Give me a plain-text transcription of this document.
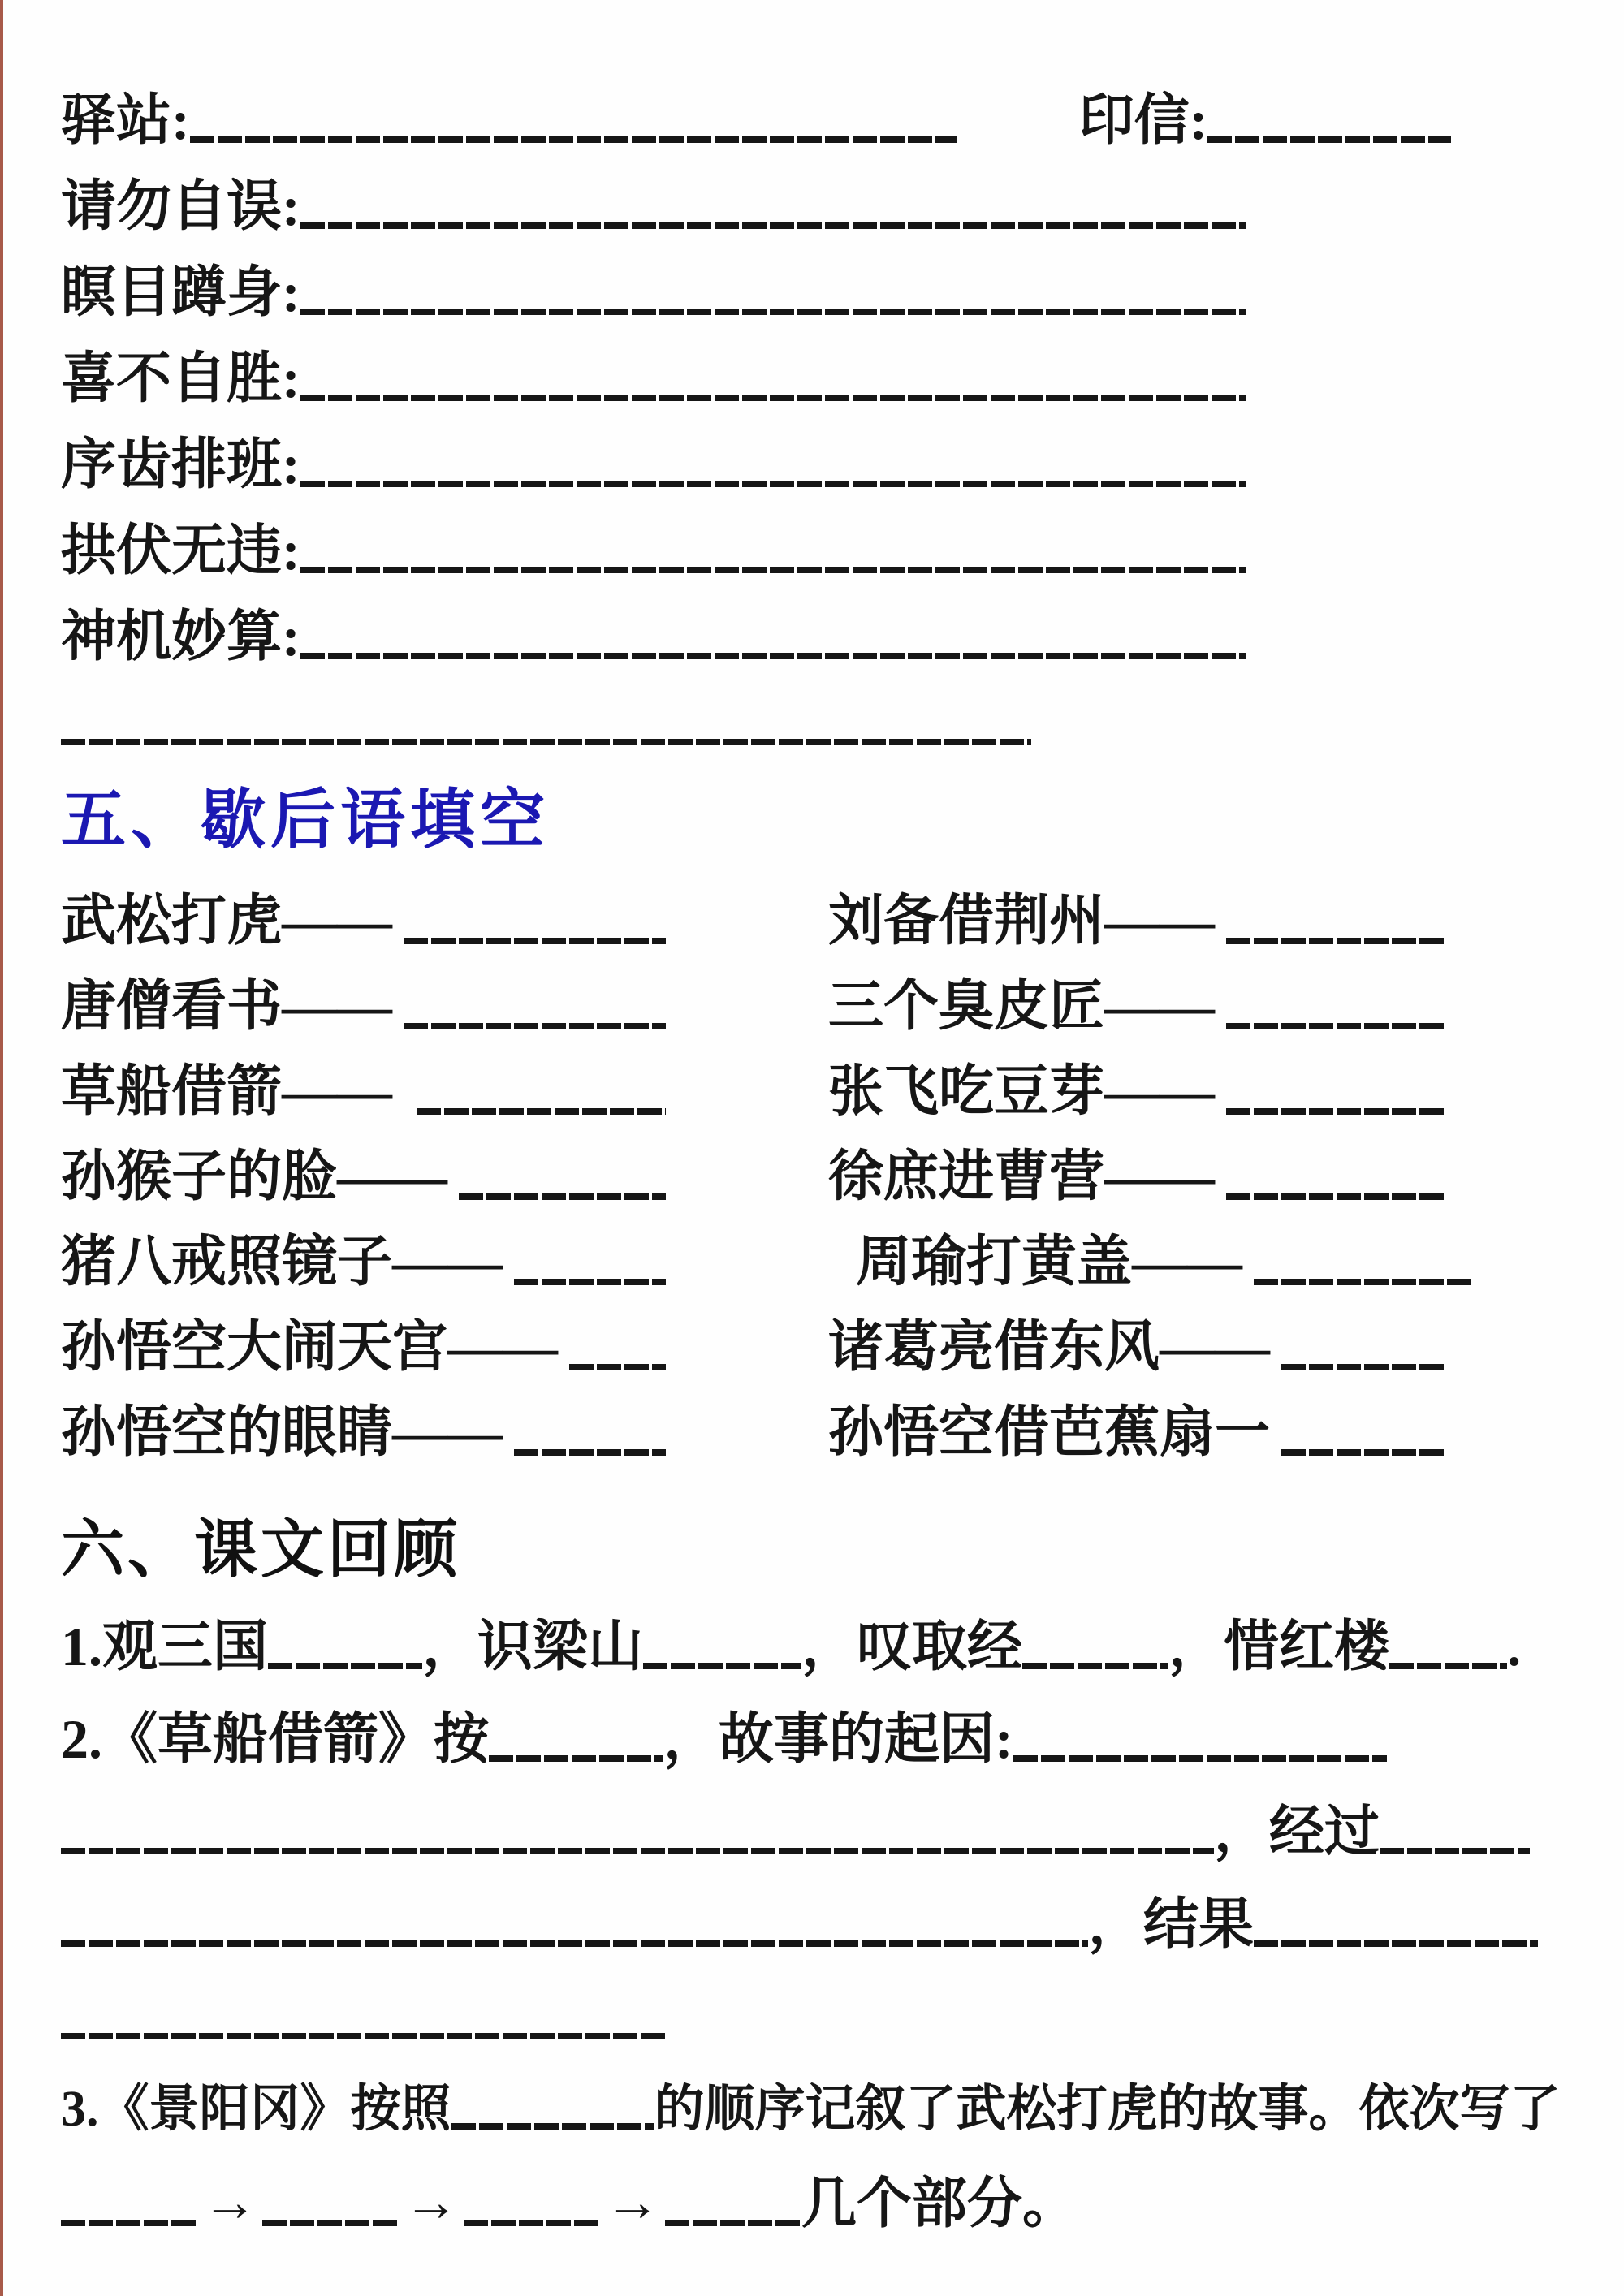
驿站:	印信:
请勿自误:
瞑目蹲身:
喜不自胜:
序齿排班:
拱伏无违:
神机妙算:
五、歇后语填空
武松打虎——	刘备借荆州——
唐僧看书——	三个臭皮匠——
草船借箭——	张飞吃豆芽——
孙猴子的脸——	徐庶进曹营——
猪八戒照镜子——	周瑜打黄盖——
孙悟空大闹天宫——	诸葛亮借东风——
孙悟空的眼睛——	孙悟空借芭蕉扇一
六、课文回顾
1.观三国	，识梁山	，叹取经	，惜红楼 .
2.《草船借箭》按	，故事的起因:
，经过
，结果
3.《景阳冈》按照	的顺序记叙了武松打虎的故事。依次写了
→	→	→	几个部分。
